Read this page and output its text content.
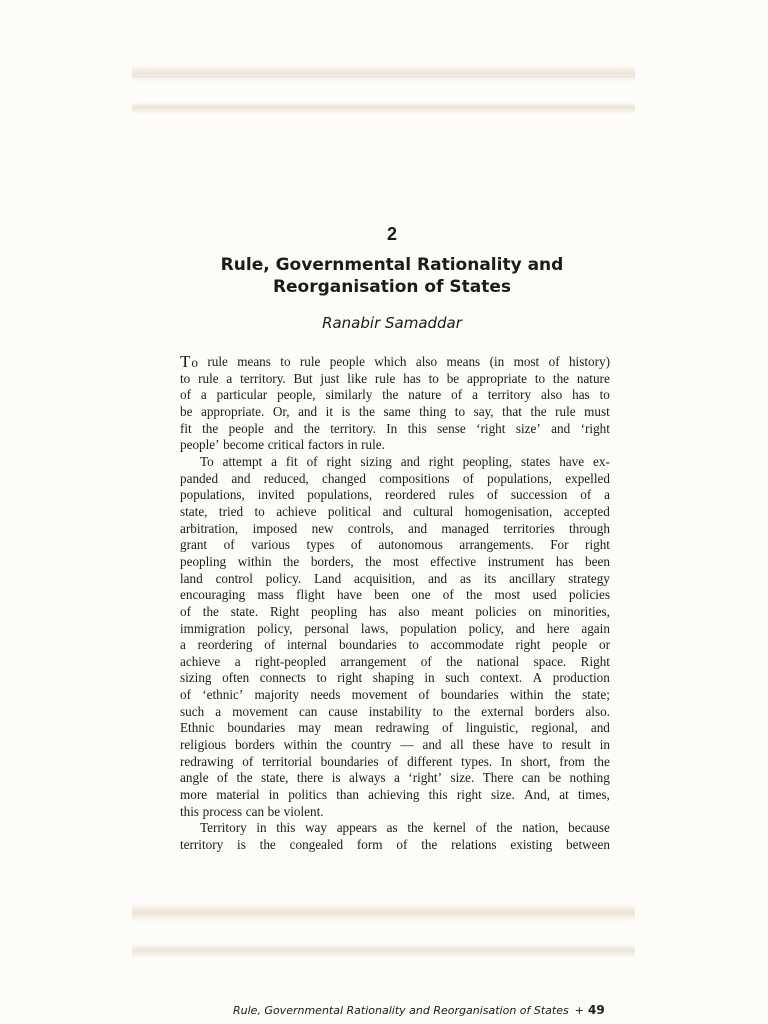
2
Rule, Governmental Rationality and
Reorganisation of States
Ranabir Samaddar
To rule means to rule people which also means (in most of history)
to rule a territory. But just like rule has to be appropriate to the nature
of a particular people, similarly the nature of a territory also has to
be appropriate. Or, and it is the same thing to say, that the rule must
fit the people and the territory. In this sense ‘right size’ and ‘right
people’ become critical factors in rule.
To attempt a fit of right sizing and right peopling, states have ex-
panded and reduced, changed compositions of populations, expelled
populations, invited populations, reordered rules of succession of a
state, tried to achieve political and cultural homogenisation, accepted
arbitration, imposed new controls, and managed territories through
grant of various types of autonomous arrangements. For right
peopling within the borders, the most effective instrument has been
land control policy. Land acquisition, and as its ancillary strategy
encouraging mass flight have been one of the most used policies
of the state. Right peopling has also meant policies on minorities,
immigration policy, personal laws, population policy, and here again
a reordering of internal boundaries to accommodate right people or
achieve a right-peopled arrangement of the national space. Right
sizing often connects to right shaping in such context. A production
of ‘ethnic’ majority needs movement of boundaries within the state;
such a movement can cause instability to the external borders also.
Ethnic boundaries may mean redrawing of linguistic, regional, and
religious borders within the country — and all these have to result in
redrawing of territorial boundaries of different types. In short, from the
angle of the state, there is always a ‘right’ size. There can be nothing
more material in politics than achieving this right size. And, at times,
this process can be violent.
Territory in this way appears as the kernel of the nation, because
territory is the congealed form of the relations existing between
Rule, Governmental Rationality and Reorganisation of States + 49
